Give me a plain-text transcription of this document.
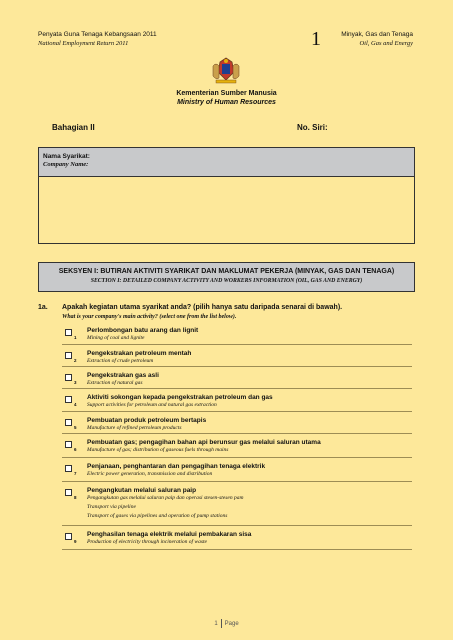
Penyata Guna Tenaga Kebangsaan 2011
National Employment Return 2011	1	Minyak, Gas dan Tenaga
Oil, Gas and Energy
Kementerian Sumber Manusia
Ministry of Human Resources
Bahagian II	No. Siri:
Nama Syarikat:
Company Name:
SEKSYEN I: BUTIRAN AKTIVITI SYARIKAT DAN MAKLUMAT PEKERJA (MINYAK, GAS DAN TENAGA)
SECTION I: DETAILED COMPANY ACTIVITY AND WORKERS INFORMATION (OIL, GAS AND ENERGY)
1a. Apakah kegiatan utama syarikat anda? (pilih hanya satu daripada senarai di bawah).
What is your company's main activity? (select one from the list below).
1
Perlombongan batu arang dan lignit
Mining of coal and lignite
2
Pengekstrakan petroleum mentah
Extraction of crude petroleum
3
Pengekstrakan gas asli
Extraction of natural gas
4
Aktiviti sokongan kepada pengekstrakan petroleum dan gas
Support activities for petroleum and natural gas extraction
5
Pembuatan produk petroleum bertapis
Manufacture of refined petroleum products
6
Pembuatan gas; pengagihan bahan api berunsur gas melalui saluran utama
Manufacture of gas; distribution of gaseous fuels through mains
7
Penjanaan, penghantaran dan pengagihan tenaga elektrik
Electric power generation, transmission and distribution
8
Pengangkutan melalui saluran paip
Pengangkutan gas melalui saluran paip dan operasi stesen-stesen pam
Transport via pipeline
Transport of gases via pipelines and operation of pump stations
9
Penghasilan tenaga elektrik melalui pembakaran sisa
Production of electricity through incineration of waste
1 Page
